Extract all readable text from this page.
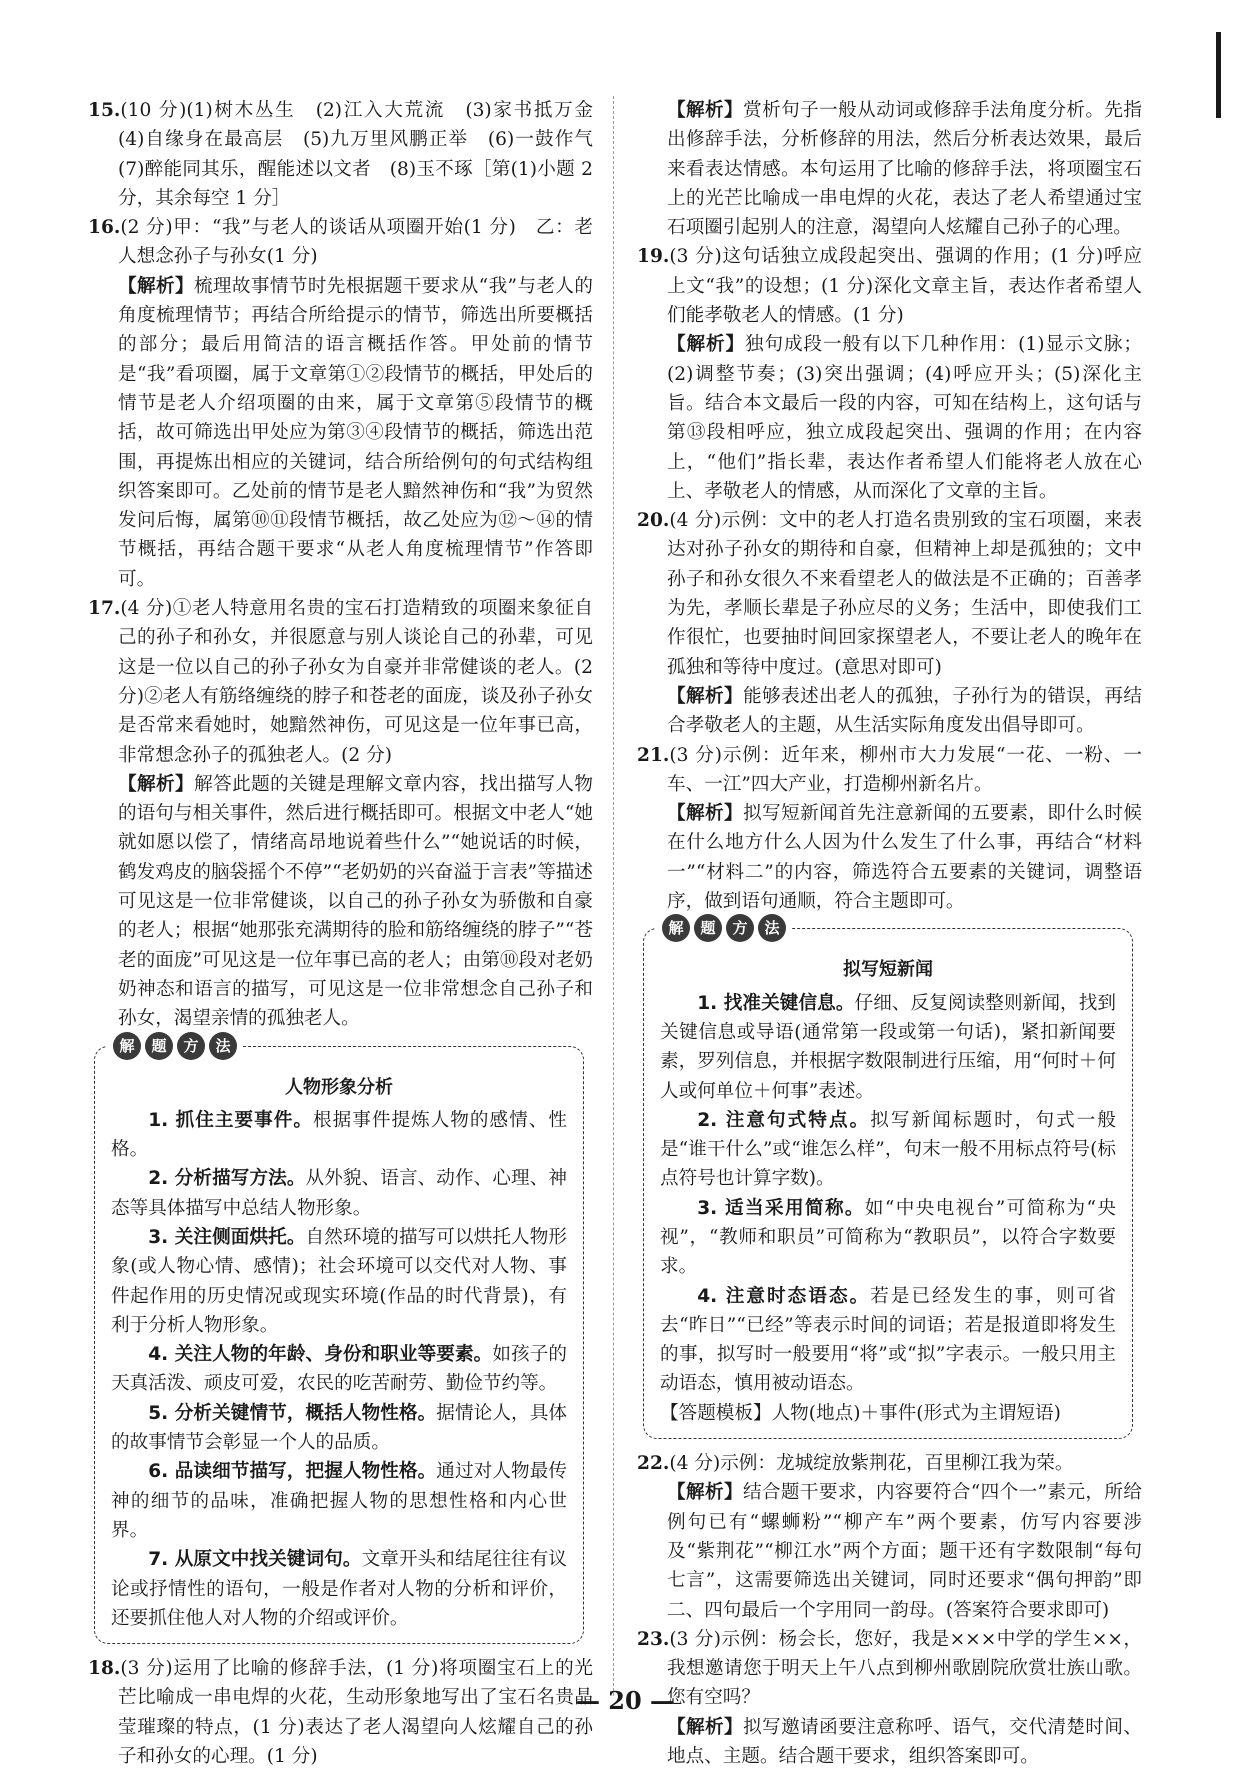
15.(10 分)(1)树木丛生　(2)江入大荒流　(3)家书抵万金　(4)自缘身在最高层　(5)九万里风鹏正举　(6)一鼓作气　(7)醉能同其乐，醒能述以文者　(8)玉不琢［第(1)小题 2 分，其余每空 1 分］

16.(2 分)甲：“我”与老人的谈话从项圈开始(1 分)　乙：老人想念孙子与孙女(1 分)

【解析】梳理故事情节时先根据题干要求从“我”与老人的角度梳理情节；再结合所给提示的情节，筛选出所要概括的部分；最后用简洁的语言概括作答。甲处前的情节是“我”看项圈，属于文章第①②段情节的概括，甲处后的情节是老人介绍项圈的由来，属于文章第⑤段情节的概括，故可筛选出甲处应为第③④段情节的概括，筛选出范围，再提炼出相应的关键词，结合所给例句的句式结构组织答案即可。乙处前的情节是老人黯然神伤和“我”为贸然发问后悔，属第⑩⑪段情节概括，故乙处应为⑫～⑭的情节概括，再结合题干要求“从老人角度梳理情节”作答即可。

17.(4 分)①老人特意用名贵的宝石打造精致的项圈来象征自己的孙子和孙女，并很愿意与别人谈论自己的孙辈，可见这是一位以自己的孙子孙女为自豪并非常健谈的老人。(2 分)②老人有筋络缠绕的脖子和苍老的面庞，谈及孙子孙女是否常来看她时，她黯然神伤，可见这是一位年事已高，非常想念孙子的孤独老人。(2 分)

【解析】解答此题的关键是理解文章内容，找出描写人物的语句与相关事件，然后进行概括即可。根据文中老人“她就如愿以偿了，情绪高昂地说着些什么”“她说话的时候，鹤发鸡皮的脑袋摇个不停”“老奶奶的兴奋溢于言表”等描述可见这是一位非常健谈，以自己的孙子孙女为骄傲和自豪的老人；根据“她那张充满期待的脸和筋络缠绕的脖子”“苍老的面庞”可见这是一位年事已高的老人；由第⑩段对老奶奶神态和语言的描写，可见这是一位非常想念自己孙子和孙女，渴望亲情的孤独老人。

解	题	方	法
人物形象分析

1. 抓住主要事件。根据事件提炼人物的感情、性格。

2. 分析描写方法。从外貌、语言、动作、心理、神态等具体描写中总结人物形象。

3. 关注侧面烘托。自然环境的描写可以烘托人物形象(或人物心情、感情)；社会环境可以交代对人物、事件起作用的历史情况或现实环境(作品的时代背景)，有利于分析人物形象。

4. 关注人物的年龄、身份和职业等要素。如孩子的天真活泼、顽皮可爱，农民的吃苦耐劳、勤俭节约等。

5. 分析关键情节，概括人物性格。据情论人，具体的故事情节会彰显一个人的品质。

6. 品读细节描写，把握人物性格。通过对人物最传神的细节的品味，准确把握人物的思想性格和内心世界。

7. 从原文中找关键词句。文章开头和结尾往往有议论或抒情性的语句，一般是作者对人物的分析和评价，还要抓住他人对人物的介绍或评价。

18.(3 分)运用了比喻的修辞手法，(1 分)将项圈宝石上的光芒比喻成一串电焊的火花，生动形象地写出了宝石名贵晶莹璀璨的特点，(1 分)表达了老人渴望向人炫耀自己的孙子和孙女的心理。(1 分)

【解析】赏析句子一般从动词或修辞手法角度分析。先指出修辞手法，分析修辞的用法，然后分析表达效果，最后来看表达情感。本句运用了比喻的修辞手法，将项圈宝石上的光芒比喻成一串电焊的火花，表达了老人希望通过宝石项圈引起别人的注意，渴望向人炫耀自己孙子的心理。

19.(3 分)这句话独立成段起突出、强调的作用；(1 分)呼应上文“我”的设想；(1 分)深化文章主旨，表达作者希望人们能孝敬老人的情感。(1 分)

【解析】独句成段一般有以下几种作用：(1)显示文脉；(2)调整节奏；(3)突出强调；(4)呼应开头；(5)深化主旨。结合本文最后一段的内容，可知在结构上，这句话与第⑬段相呼应，独立成段起突出、强调的作用；在内容上，“他们”指长辈，表达作者希望人们能将老人放在心上、孝敬老人的情感，从而深化了文章的主旨。

20.(4 分)示例：文中的老人打造名贵别致的宝石项圈，来表达对孙子孙女的期待和自豪，但精神上却是孤独的；文中孙子和孙女很久不来看望老人的做法是不正确的；百善孝为先，孝顺长辈是子孙应尽的义务；生活中，即使我们工作很忙，也要抽时间回家探望老人，不要让老人的晚年在孤独和等待中度过。(意思对即可)

【解析】能够表述出老人的孤独，子孙行为的错误，再结合孝敬老人的主题，从生活实际角度发出倡导即可。

21.(3 分)示例：近年来，柳州市大力发展“一花、一粉、一车、一江”四大产业，打造柳州新名片。

【解析】拟写短新闻首先注意新闻的五要素，即什么时候在什么地方什么人因为什么发生了什么事，再结合“材料一”“材料二”的内容，筛选符合五要素的关键词，调整语序，做到语句通顺，符合主题即可。

解	题	方	法
拟写短新闻

1. 找准关键信息。仔细、反复阅读整则新闻，找到关键信息或导语(通常第一段或第一句话)，紧扣新闻要素，罗列信息，并根据字数限制进行压缩，用“何时＋何人或何单位＋何事”表述。

2. 注意句式特点。拟写新闻标题时，句式一般是“谁干什么”或“谁怎么样”，句末一般不用标点符号(标点符号也计算字数)。

3. 适当采用简称。如“中央电视台”可简称为“央视”，“教师和职员”可简称为“教职员”，以符合字数要求。

4. 注意时态语态。若是已经发生的事，则可省去“昨日”“已经”等表示时间的词语；若是报道即将发生的事，拟写时一般要用“将”或“拟”字表示。一般只用主动语态，慎用被动语态。

【答题模板】人物(地点)＋事件(形式为主谓短语)

22.(4 分)示例：龙城绽放紫荆花，百里柳江我为荣。

【解析】结合题干要求，内容要符合“四个一”素元，所给例句已有“螺蛳粉”“柳产车”两个要素，仿写内容要涉及“紫荆花”“柳江水”两个方面；题干还有字数限制“每句七言”，这需要筛选出关键词，同时还要求“偶句押韵”即二、四句最后一个字用同一韵母。(答案符合要求即可)

23.(3 分)示例：杨会长，您好，我是×××中学的学生××，我想邀请您于明天上午八点到柳州歌剧院欣赏壮族山歌。您有空吗？

【解析】拟写邀请函要注意称呼、语气，交代清楚时间、地点、主题。结合题干要求，组织答案即可。

— 20 —
